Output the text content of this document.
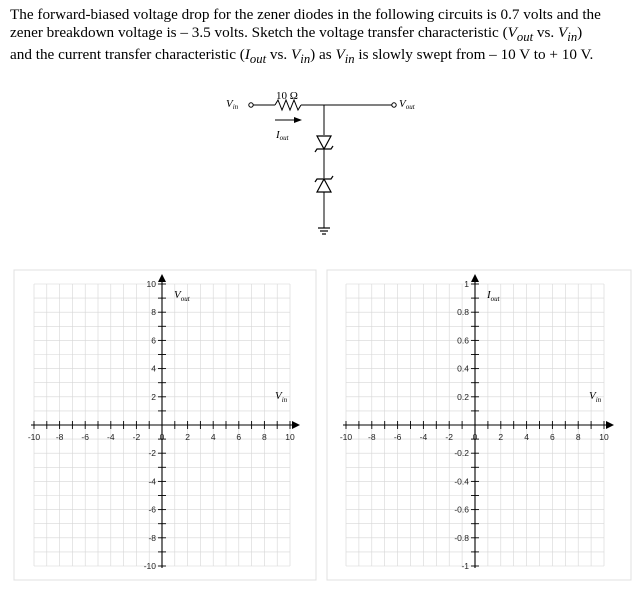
The forward-biased voltage drop for the zener diodes in the following circuits is 0.7 volts and the

zener breakdown voltage is – 3.5 volts. Sketch the voltage transfer characteristic ($V_{out}$ vs. $V_{in}$)

and the current transfer characteristic ($I_{out}$ vs. $V_{in}$) as $V_{in}$ is slowly swept from – 10 V to + 10 V.

10 Ω
Vin	Vout
Iout
-10 -8 -6 -4 -2 0 2 4 6 8 10
10
8
6
4
2
-2
-4
-6
-8
-10
$V_{out}$
$V_{in}$
-10 -8 -6 -4 -2 0 2 4 6 8 10
1
0.8
0.6
0.4
0.2
-0.2
-0.4
-0.6
-0.8
-1
$I_{out}$
$V_{in}$
